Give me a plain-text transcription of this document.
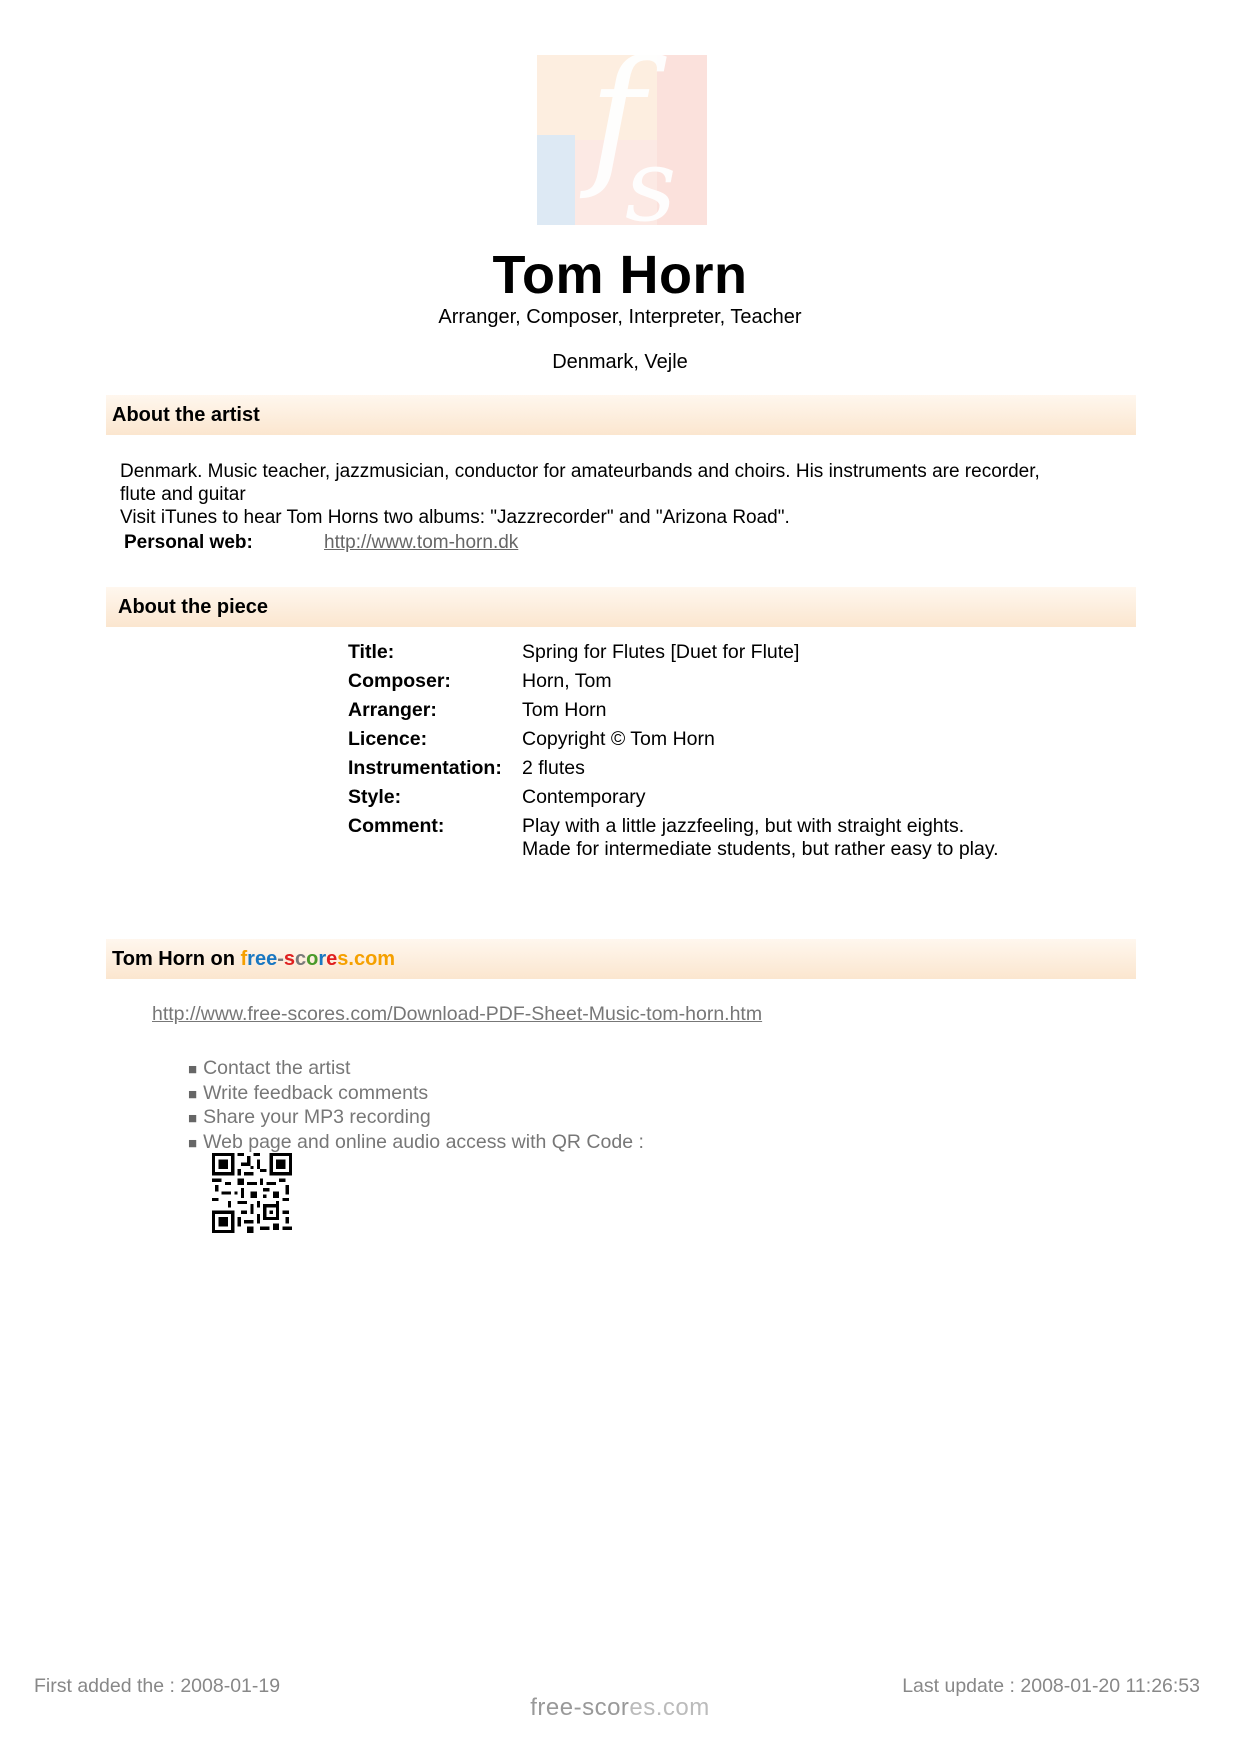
f
s
Tom Horn
Arranger, Composer, Interpreter, Teacher
Denmark, Vejle
About the artist
Denmark. Music teacher, jazzmusician, conductor for amateurbands and choirs. His instruments are recorder, flute and guitar
Visit iTunes to hear Tom Horns two albums: "Jazzrecorder" and "Arizona Road".
Personal web:	http://www.tom-horn.dk
About the piece
Title:	Spring for Flutes [Duet for Flute]
Composer:	Horn, Tom
Arranger:	Tom Horn
Licence:	Copyright © Tom Horn
Instrumentation:	2 flutes
Style:	Contemporary
Comment:	Play with a little jazzfeeling, but with straight eights.
Made for intermediate students, but rather easy to play.
Tom Horn on free-scores.com
http://www.free-scores.com/Download-PDF-Sheet-Music-tom-horn.htm
■ Contact the artist
■ Write feedback comments
■ Share your MP3 recording
■ Web page and online audio access with QR Code :
First added the : 2008-01-19	Last update : 2008-01-20 11:26:53
free-scores.com
